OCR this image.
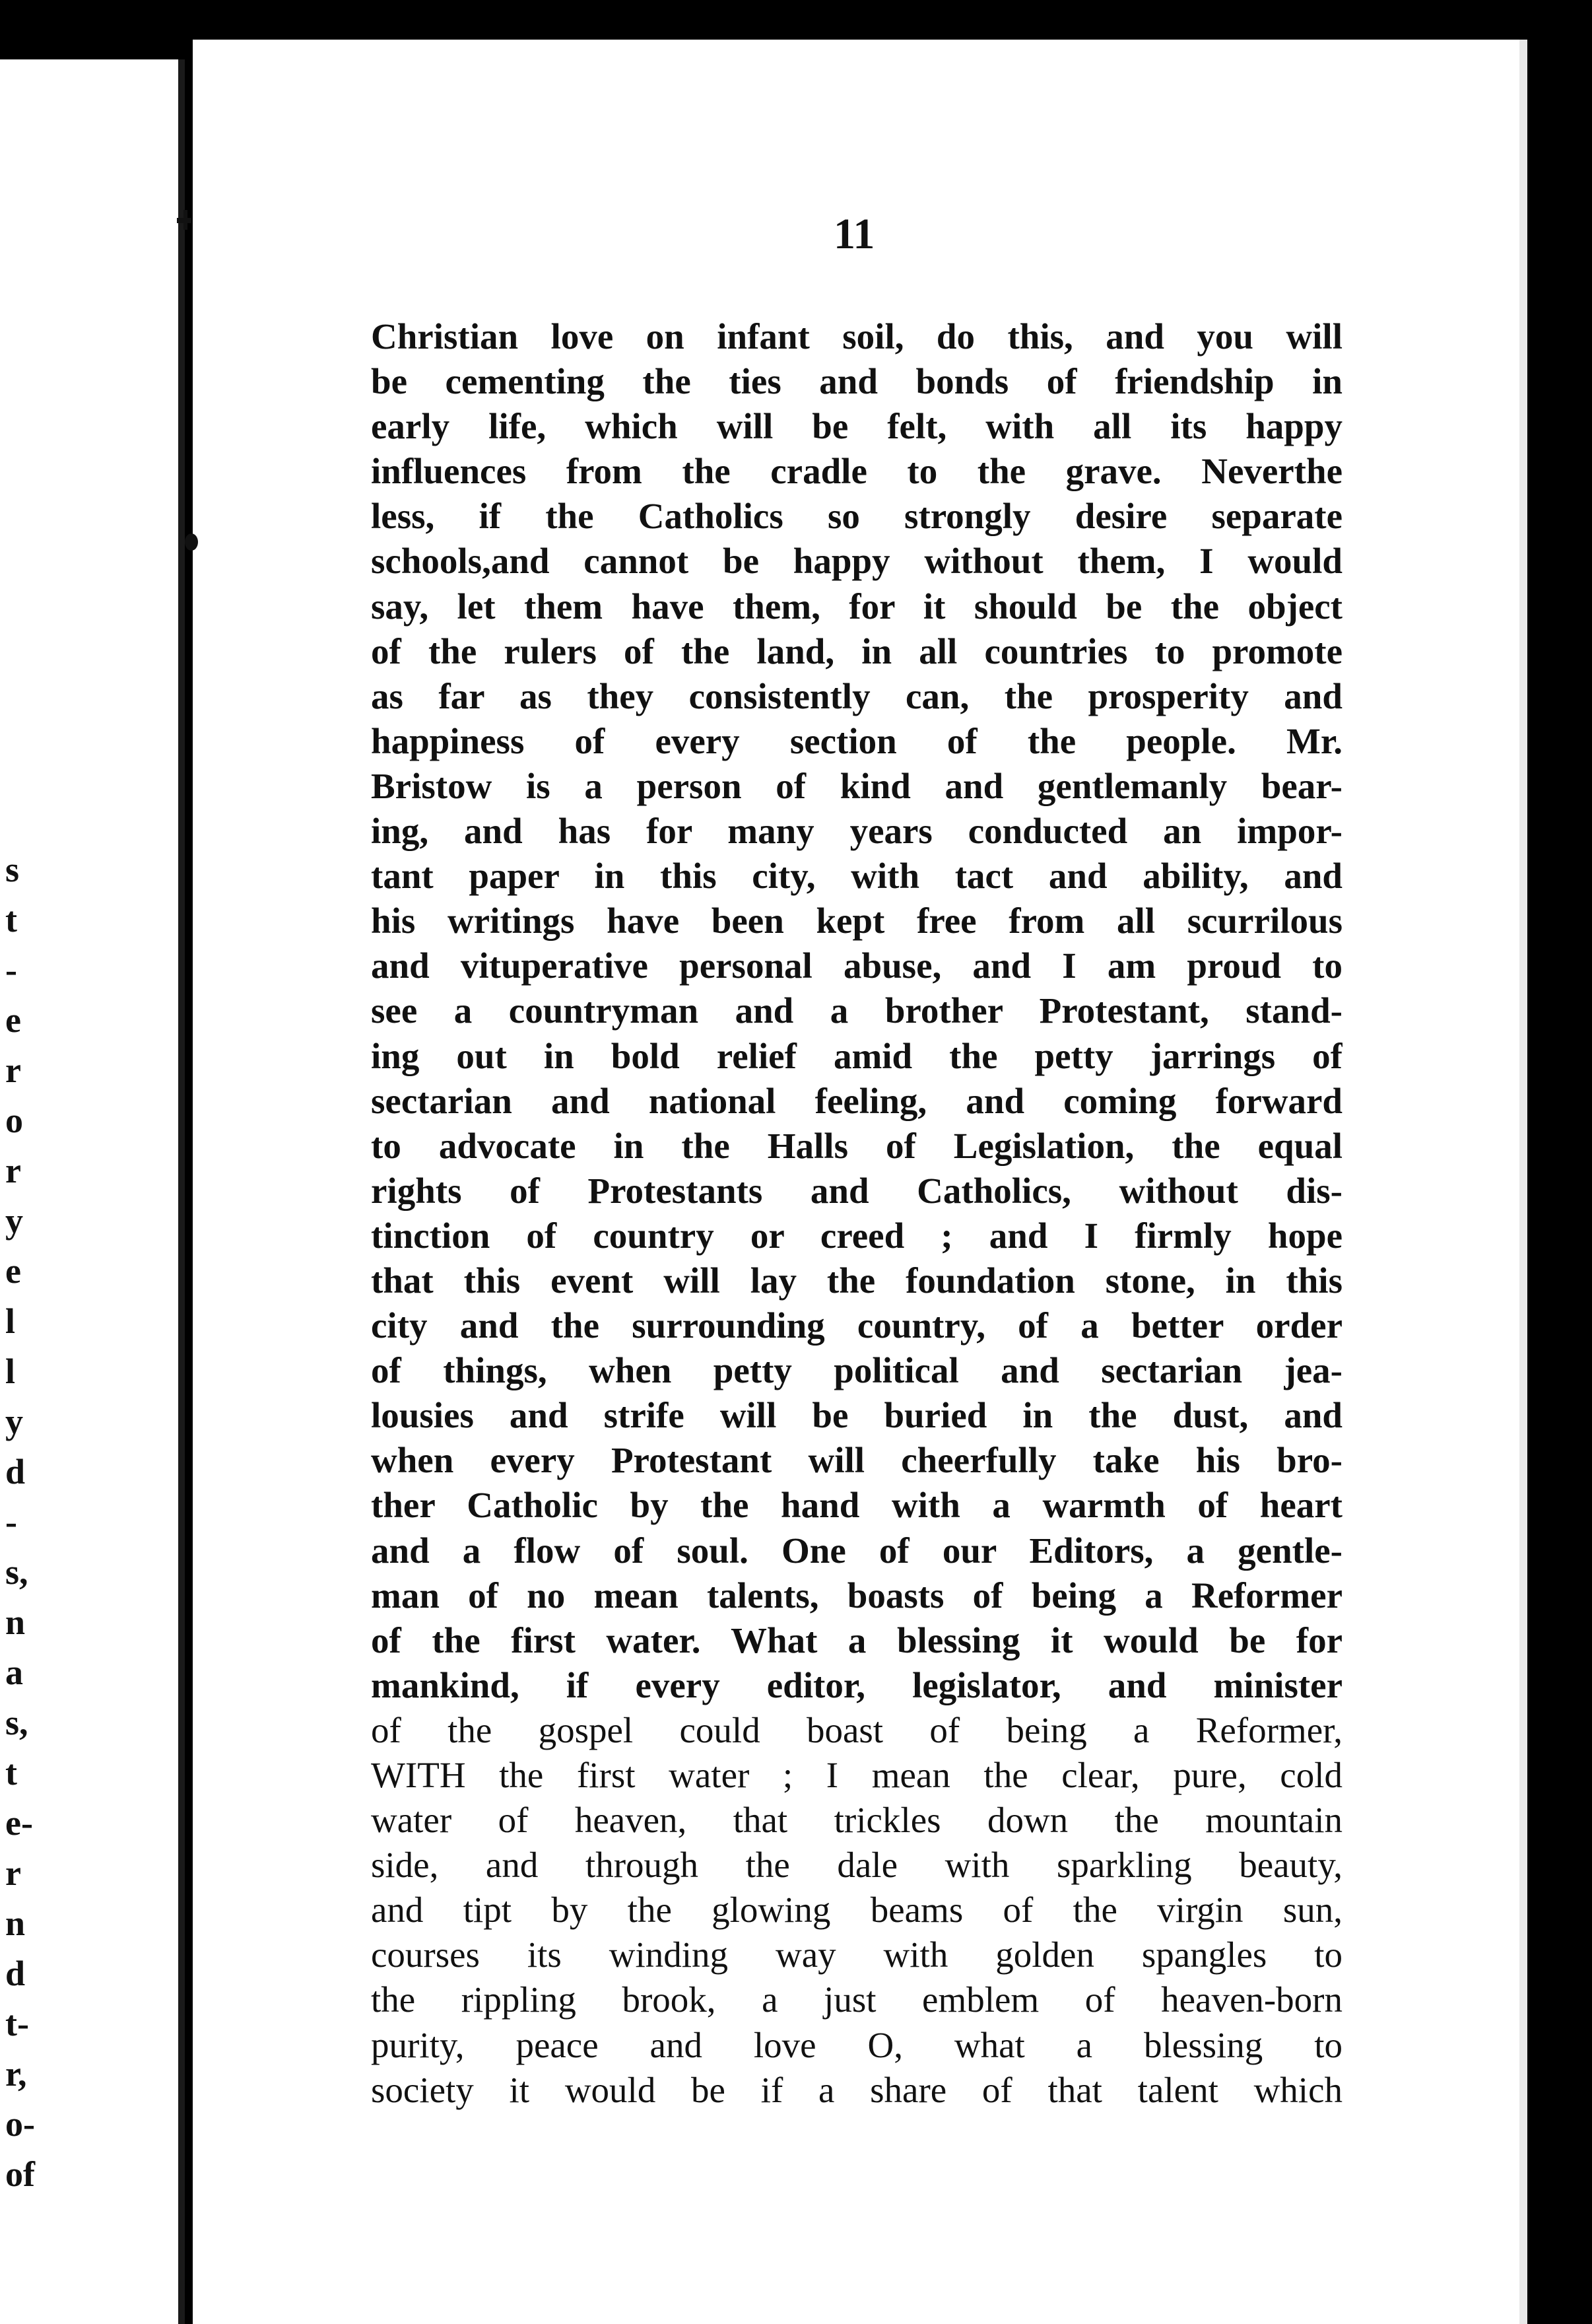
s
t
-
e
r
o
r
y
e
l
l
y
d
-
s,
n
a
s,
t
e-
r
n
d
t-
r,
o-
of
11
Christian love on infant soil, do this, and you will
be cementing the ties and bonds of friendship in
early life, which will be felt, with all its happy
influences from the cradle to the grave. Neverthe
less, if the Catholics so strongly desire separate
schools,and cannot be happy without them, I would
say, let them have them, for it should be the object
of the rulers of the land, in all countries to promote
as far as they consistently can, the prosperity and
happiness of every section of the people. Mr.
Bristow is a person of kind and gentlemanly bear-
ing, and has for many years conducted an impor-
tant paper in this city, with tact and ability, and
his writings have been kept free from all scurrilous
and vituperative personal abuse, and I am proud to
see a countryman and a brother Protestant, stand-
ing out in bold relief amid the petty jarrings of
sectarian and national feeling, and coming forward
to advocate in the Halls of Legislation, the equal
rights of Protestants and Catholics, without dis-
tinction of country or creed ; and I firmly hope
that this event will lay the foundation stone, in this
city and the surrounding country, of a better order
of things, when petty political and sectarian jea-
lousies and strife will be buried in the dust, and
when every Protestant will cheerfully take his bro-
ther Catholic by the hand with a warmth of heart
and a flow of soul. One of our Editors, a gentle-
man of no mean talents, boasts of being a Reformer
of the first water. What a blessing it would be for
mankind, if every editor, legislator, and minister
of the gospel could boast of being a Reformer,
WITH the first water ; I mean the clear, pure, cold
water of heaven, that trickles down the mountain
side, and through the dale with sparkling beauty,
and tipt by the glowing beams of the virgin sun,
courses its winding way with golden spangles to
the rippling brook, a just emblem of heaven-born
purity, peace and love O, what a blessing to
society it would be if a share of that talent which
